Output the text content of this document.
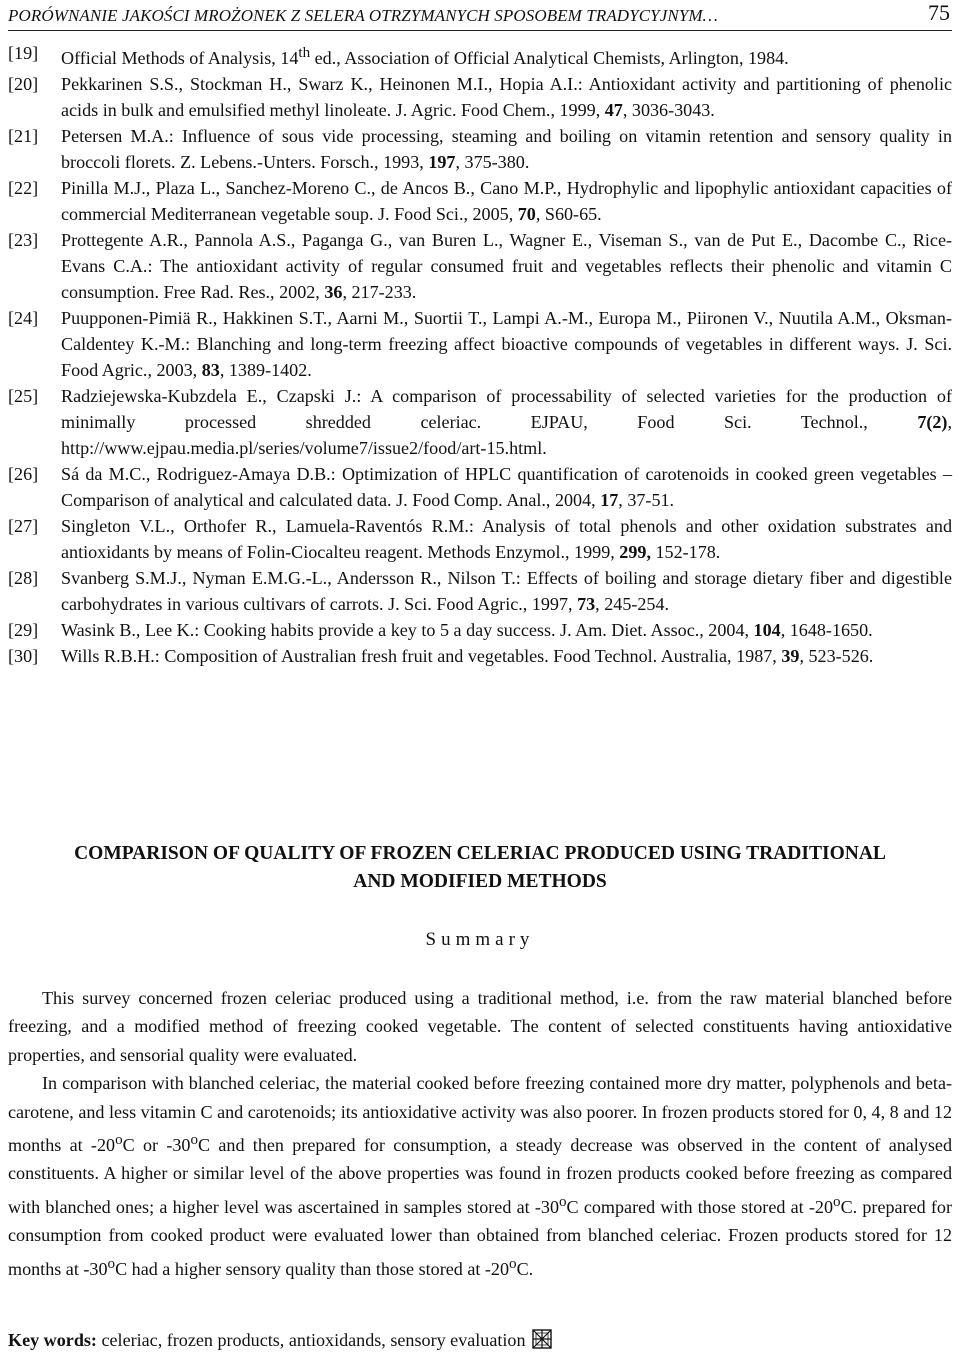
PORÓWNANIE JAKOŚCI MROŻONEK Z SELERA OTRZYMANYCH SPOSOBEM TRADYCYJNYM…	75
[19]	Official Methods of Analysis, 14th ed., Association of Official Analytical Chemists, Arlington, 1984.
[20]	Pekkarinen S.S., Stockman H., Swarz K., Heinonen M.I., Hopia A.I.: Antioxidant activity and partitioning of phenolic acids in bulk and emulsified methyl linoleate. J. Agric. Food Chem., 1999, 47, 3036-3043.
[21]	Petersen M.A.: Influence of sous vide processing, steaming and boiling on vitamin retention and sensory quality in broccoli florets. Z. Lebens.-Unters. Forsch., 1993, 197, 375-380.
[22]	Pinilla M.J., Plaza L., Sanchez-Moreno C., de Ancos B., Cano M.P., Hydrophylic and lipophylic antioxidant capacities of commercial Mediterranean vegetable soup. J. Food Sci., 2005, 70, S60-65.
[23]	Prottegente A.R., Pannola A.S., Paganga G., van Buren L., Wagner E., Viseman S., van de Put E., Dacombe C., Rice-Evans C.A.: The antioxidant activity of regular consumed fruit and vegetables reflects their phenolic and vitamin C consumption. Free Rad. Res., 2002, 36, 217-233.
[24]	Puupponen-Pimiä R., Hakkinen S.T., Aarni M., Suortii T., Lampi A.-M., Europa M., Piironen V., Nuutila A.M., Oksman-Caldentey K.-M.: Blanching and long-term freezing affect bioactive compounds of vegetables in different ways. J. Sci. Food Agric., 2003, 83, 1389-1402.
[25]	Radziejewska-Kubzdela E., Czapski J.: A comparison of processability of selected varieties for the production of minimally processed shredded celeriac. EJPAU, Food Sci. Technol., 7(2), http://www.ejpau.media.pl/series/volume7/issue2/food/art-15.html.
[26]	Sá da M.C., Rodriguez-Amaya D.B.: Optimization of HPLC quantification of carotenoids in cooked green vegetables – Comparison of analytical and calculated data. J. Food Comp. Anal., 2004, 17, 37-51.
[27]	Singleton V.L., Orthofer R., Lamuela-Raventós R.M.: Analysis of total phenols and other oxidation substrates and antioxidants by means of Folin-Ciocalteu reagent. Methods Enzymol., 1999, 299, 152-178.
[28]	Svanberg S.M.J., Nyman E.M.G.-L., Andersson R., Nilson T.: Effects of boiling and storage dietary fiber and digestible carbohydrates in various cultivars of carrots. J. Sci. Food Agric., 1997, 73, 245-254.
[29]	Wasink B., Lee K.: Cooking habits provide a key to 5 a day success. J. Am. Diet. Assoc., 2004, 104, 1648-1650.
[30]	Wills R.B.H.: Composition of Australian fresh fruit and vegetables. Food Technol. Australia, 1987, 39, 523-526.
COMPARISON OF QUALITY OF FROZEN CELERIAC PRODUCED USING TRADITIONAL
AND MODIFIED METHODS
Summary

This survey concerned frozen celeriac produced using a traditional method, i.e. from the raw material blanched before freezing, and a modified method of freezing cooked vegetable. The content of selected constituents having antioxidative properties, and sensorial quality were evaluated.

In comparison with blanched celeriac, the material cooked before freezing contained more dry matter, polyphenols and beta-carotene, and less vitamin C and carotenoids; its antioxidative activity was also poorer. In frozen products stored for 0, 4, 8 and 12 months at -20$^o$C or -30$^o$C and then prepared for consumption, a steady decrease was observed in the content of analysed constituents. A higher or similar level of the above properties was found in frozen products cooked before freezing as compared with blanched ones; a higher level was ascertained in samples stored at -30$^o$C compared with those stored at -20$^o$C. prepared for consumption from cooked product were evaluated lower than obtained from blanched celeriac. Frozen products stored for 12 months at -30$^o$C had a higher sensory quality than those stored at -20$^o$C.

Key words: celeriac, frozen products, antioxidands, sensory evaluation
